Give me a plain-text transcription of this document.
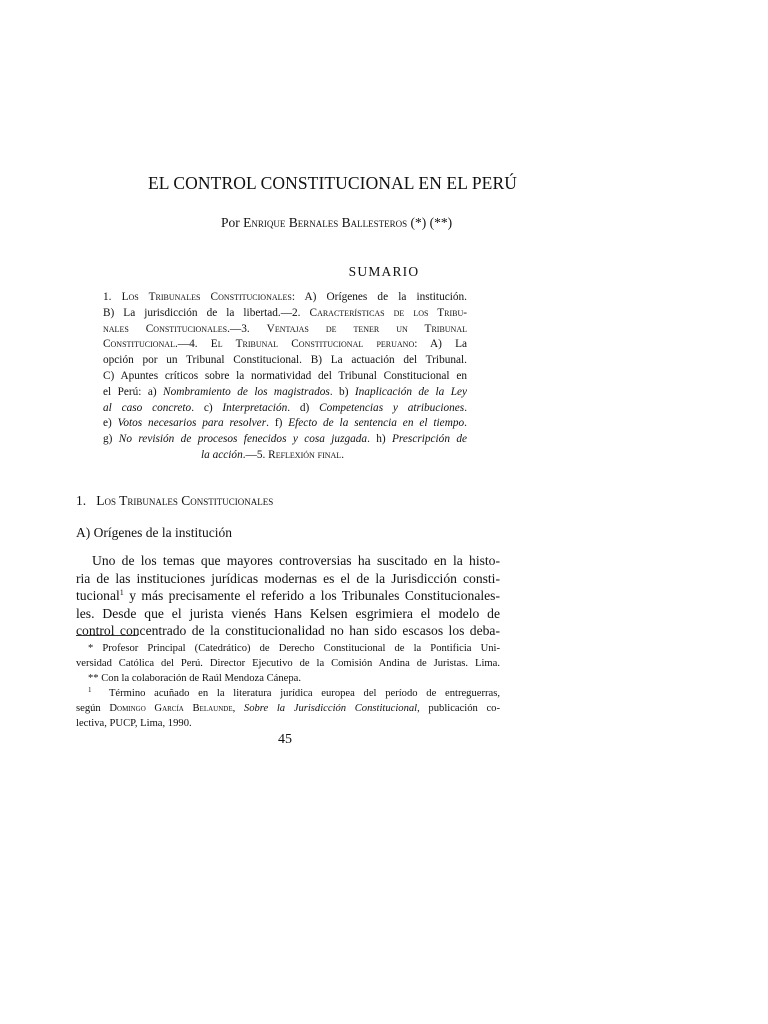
EL CONTROL CONSTITUCIONAL EN EL PERÚ
Por Enrique Bernales Ballesteros (*) (**)
SUMARIO
1. Los Tribunales Constitucionales: A) Orígenes de la institución.
B) La jurisdicción de la libertad.—2. Características de los Tribu-
nales Constitucionales.—3. Ventajas de tener un Tribunal
Constitucional.—4. El Tribunal Constitucional peruano: A) La
opción por un Tribunal Constitucional. B) La actuación del Tribunal.
C) Apuntes críticos sobre la normatividad del Tribunal Constitucional en
el Perú: a) Nombramiento de los magistrados. b) Inaplicación de la Ley
al caso concreto. c) Interpretación. d) Competencias y atribuciones.
e) Votos necesarios para resolver. f) Efecto de la sentencia en el tiempo.
g) No revisión de procesos fenecidos y cosa juzgada. h) Prescripción de
la acción.—5. Reflexión final.
1. Los Tribunales Constitucionales
A) Orígenes de la institución
Uno de los temas que mayores controversias ha suscitado en la histo-
ria de las instituciones jurídicas modernas es el de la Jurisdicción consti-
tucional$^1$ y más precisamente el referido a los Tribunales Constitucionales-
les. Desde que el jurista vienés Hans Kelsen esgrimiera el modelo de
control concentrado de la constitucionalidad no han sido escasos los deba-
* Profesor Principal (Catedrático) de Derecho Constitucional de la Pontificia Uni-
versidad Católica del Perú. Director Ejecutivo de la Comisión Andina de Juristas. Lima.
** Con la colaboración de Raúl Mendoza Cánepa.
$^1$ Término acuñado en la literatura jurídica europea del período de entreguerras,
según Domingo García Belaunde, Sobre la Jurisdicción Constitucional, publicación co-
lectiva, PUCP, Lima, 1990.
45
